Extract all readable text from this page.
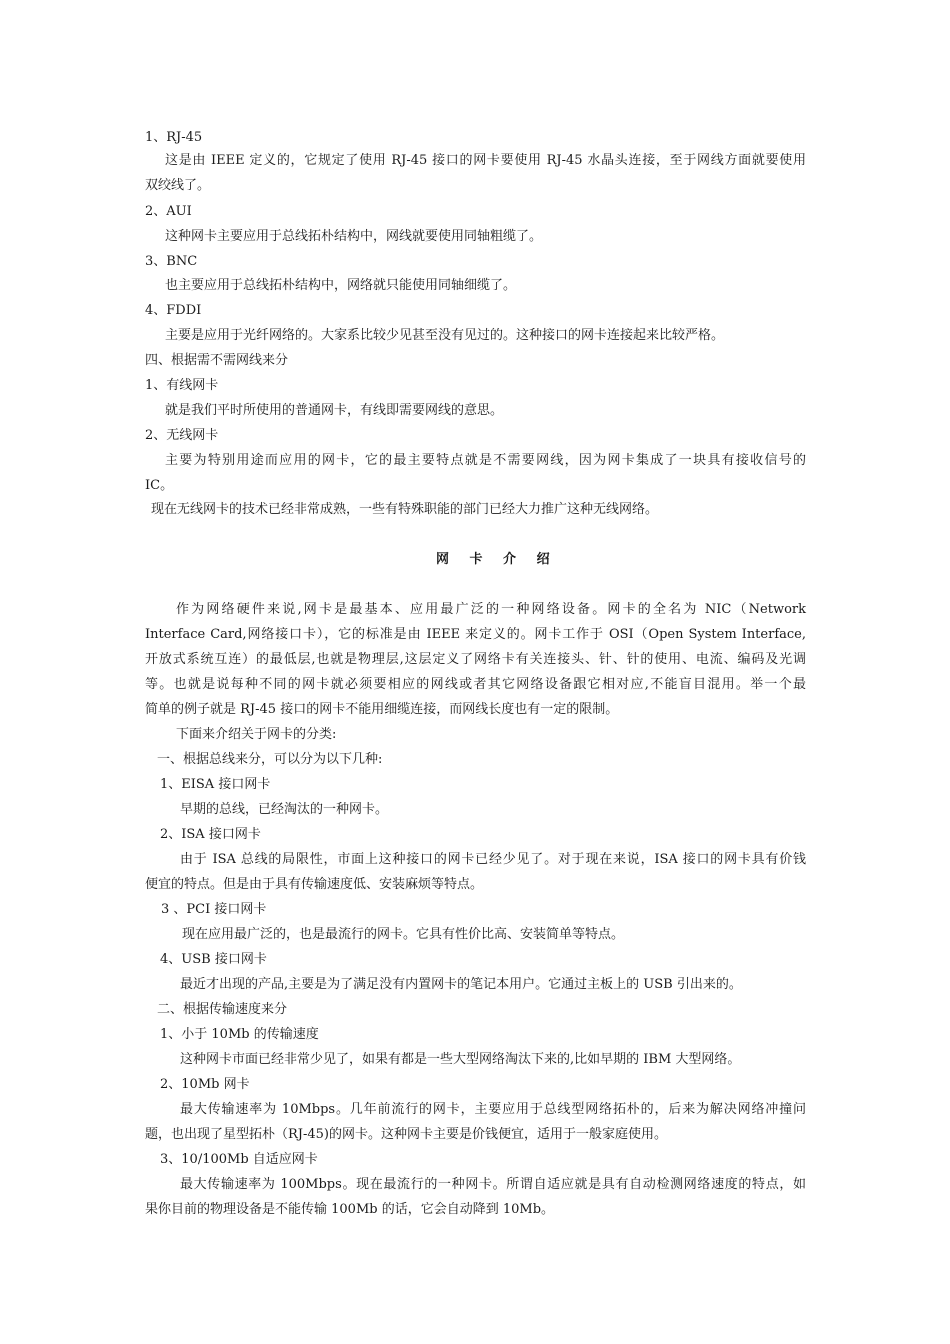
1、RJ-45

这是由 IEEE 定义的，它规定了使用 RJ-45 接口的网卡要使用 RJ-45 水晶头连接，至于网线方面就要使用

双绞线了。

2、AUI

这种网卡主要应用于总线拓朴结构中，网线就要使用同轴粗缆了。

3、BNC

也主要应用于总线拓朴结构中，网络就只能使用同轴细缆了。

4、FDDI

主要是应用于光纤网络的。大家系比较少见甚至没有见过的。这种接口的网卡连接起来比较严格。

四、根据需不需网线来分

1、有线网卡

就是我们平时所使用的普通网卡，有线即需要网线的意思。

2、无线网卡

主要为特别用途而应用的网卡，它的最主要特点就是不需要网线，因为网卡集成了一块具有接收信号的

IC。

现在无线网卡的技术已经非常成熟，一些有特殊职能的部门已经大力推广这种无线网络。

网 卡 介 绍

作为网络硬件来说,网卡是最基本、应用最广泛的一种网络设备。网卡的全名为 NIC（Network

Interface Card,网络接口卡），它的标准是由 IEEE 来定义的。网卡工作于 OSI（Open System Interface,

开放式系统互连）的最低层,也就是物理层,这层定义了网络卡有关连接头、针、针的使用、电流、编码及光调

等。也就是说每种不同的网卡就必须要相应的网线或者其它网络设备跟它相对应,不能盲目混用。举一个最

简单的例子就是 RJ-45 接口的网卡不能用细缆连接，而网线长度也有一定的限制。

下面来介绍关于网卡的分类:

一、根据总线来分，可以分为以下几种:

1、EISA 接口网卡

早期的总线，已经淘汰的一种网卡。

2、ISA 接口网卡

由于 ISA 总线的局限性，市面上这种接口的网卡已经少见了。对于现在来说，ISA 接口的网卡具有价钱

便宜的特点。但是由于具有传输速度低、安装麻烦等特点。

3 、PCI 接口网卡

现在应用最广泛的，也是最流行的网卡。它具有性价比高、安装简单等特点。

4、USB 接口网卡

最近才出现的产品,主要是为了满足没有内置网卡的笔记本用户。它通过主板上的 USB 引出来的。

二、根据传输速度来分

1、小于 10Mb 的传输速度

这种网卡市面已经非常少见了，如果有都是一些大型网络淘汰下来的,比如早期的 IBM 大型网络。

2、10Mb 网卡

最大传输速率为 10Mbps。几年前流行的网卡，主要应用于总线型网络拓朴的，后来为解决网络冲撞问

题，也出现了星型拓朴（RJ-45)的网卡。这种网卡主要是价钱便宜，适用于一般家庭使用。

3、10/100Mb 自适应网卡

最大传输速率为 100Mbps。现在最流行的一种网卡。所谓自适应就是具有自动检测网络速度的特点，如

果你目前的物理设备是不能传输 100Mb 的话，它会自动降到 10Mb。
